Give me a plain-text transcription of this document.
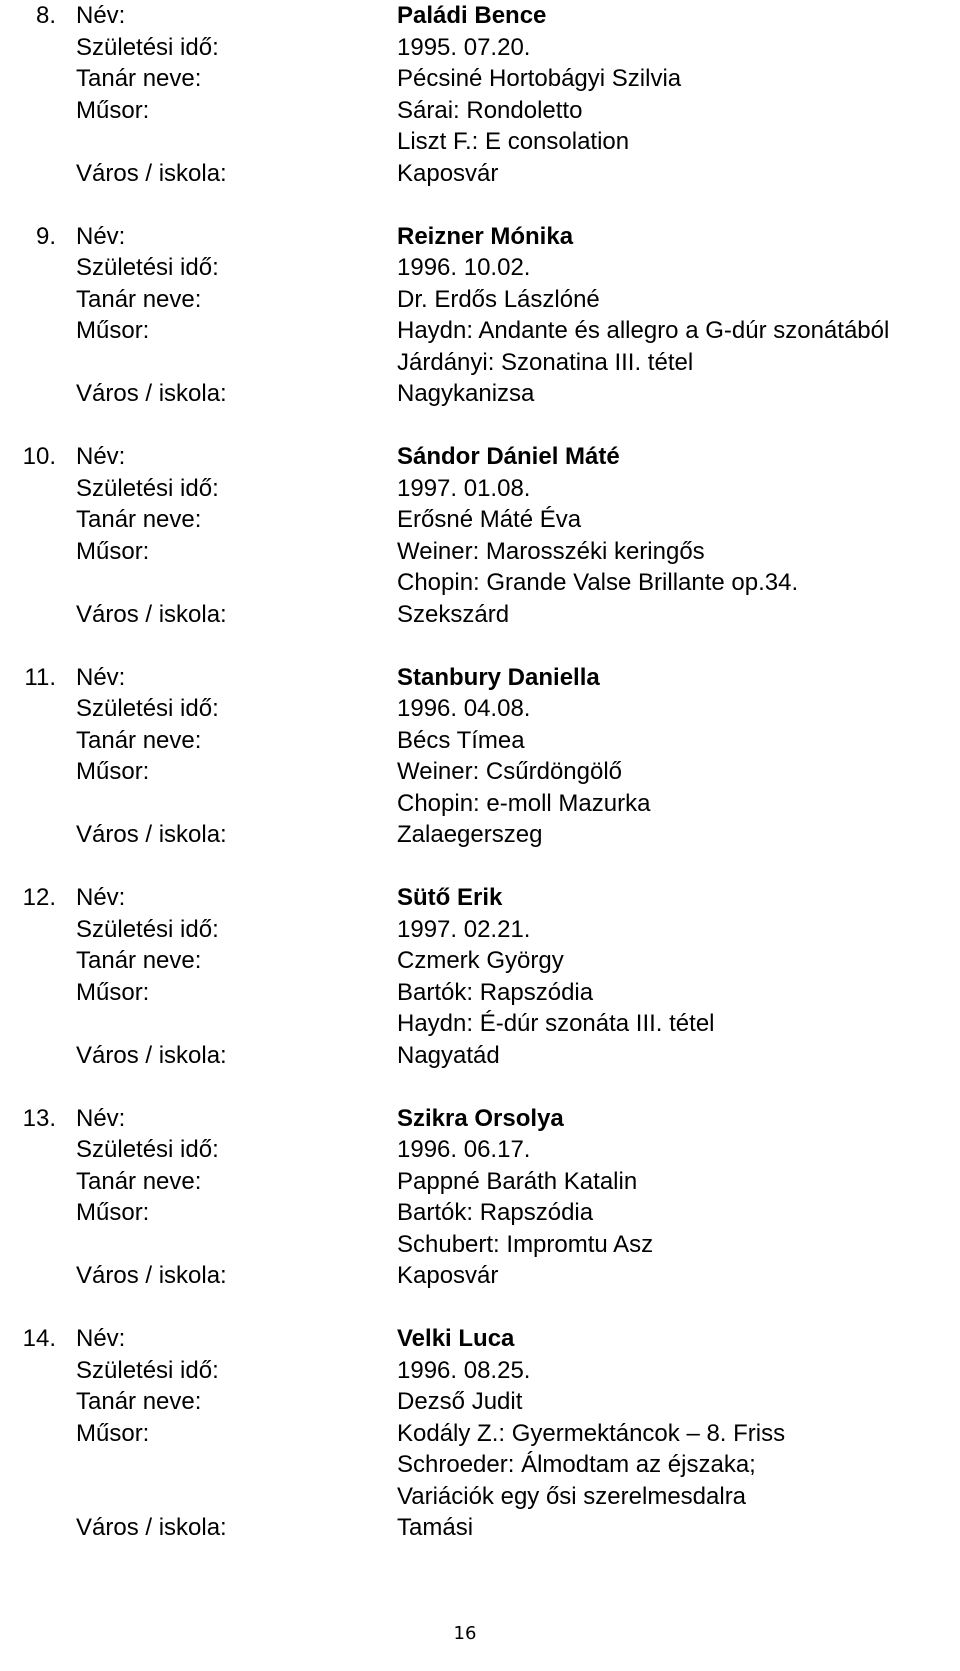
8. Név:	Paládi Bence
Születési idő:	1995. 07.20.
Tanár neve:	Pécsiné Hortobágyi Szilvia
Műsor:	Sárai: Rondoletto
Liszt F.: E consolation
Város / iskola:	Kaposvár
9. Név:	Reizner Mónika
Születési idő:	1996. 10.02.
Tanár neve:	Dr. Erdős Lászlóné
Műsor:	Haydn: Andante és allegro a G-dúr szonátából
Járdányi: Szonatina III. tétel
Város / iskola:	Nagykanizsa
10. Név:	Sándor Dániel Máté
Születési idő:	1997. 01.08.
Tanár neve:	Erősné Máté Éva
Műsor:	Weiner: Marosszéki keringős
Chopin: Grande Valse Brillante op.34.
Város / iskola:	Szekszárd
11. Név:	Stanbury Daniella
Születési idő:	1996. 04.08.
Tanár neve:	Bécs Tímea
Műsor:	Weiner: Csűrdöngölő
Chopin: e-moll Mazurka
Város / iskola:	Zalaegerszeg
12. Név:	Sütő Erik
Születési idő:	1997. 02.21.
Tanár neve:	Czmerk György
Műsor:	Bartók: Rapszódia
Haydn: É-dúr szonáta III. tétel
Város / iskola:	Nagyatád
13. Név:	Szikra Orsolya
Születési idő:	1996. 06.17.
Tanár neve:	Pappné Baráth Katalin
Műsor:	Bartók: Rapszódia
Schubert: Impromtu Asz
Város / iskola:	Kaposvár
14. Név:	Velki Luca
Születési idő:	1996. 08.25.
Tanár neve:	Dezső Judit
Műsor:	Kodály Z.: Gyermektáncok – 8. Friss
Schroeder: Álmodtam az éjszaka;
Variációk egy ősi szerelmesdalra
Város / iskola:	Tamási
16
